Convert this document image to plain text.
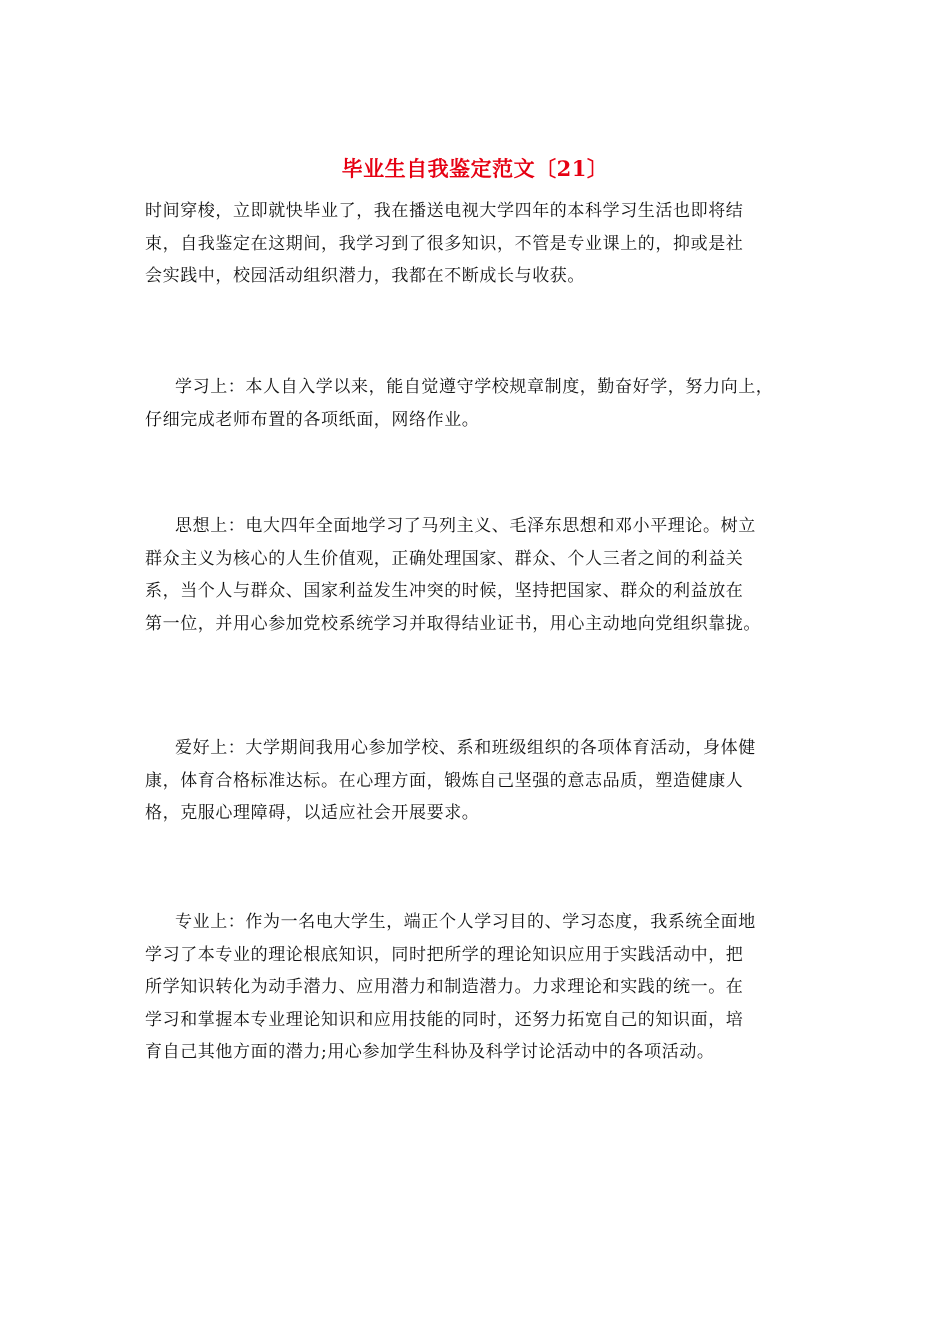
毕业生自我鉴定范文〔21〕
时间穿梭，立即就快毕业了，我在播送电视大学四年的本科学习生活也即将结
束，自我鉴定在这期间，我学习到了很多知识，不管是专业课上的，抑或是社
会实践中，校园活动组织潜力，我都在不断成长与收获。
学习上：本人自入学以来，能自觉遵守学校规章制度，勤奋好学，努力向上，
仔细完成老师布置的各项纸面，网络作业。
思想上：电大四年全面地学习了马列主义、毛泽东思想和邓小平理论。树立
群众主义为核心的人生价值观，正确处理国家、群众、个人三者之间的利益关
系，当个人与群众、国家利益发生冲突的时候，坚持把国家、群众的利益放在
第一位，并用心参加党校系统学习并取得结业证书，用心主动地向党组织靠拢。
爱好上：大学期间我用心参加学校、系和班级组织的各项体育活动，身体健
康，体育合格标准达标。在心理方面，锻炼自己坚强的意志品质，塑造健康人
格，克服心理障碍，以适应社会开展要求。
专业上：作为一名电大学生，端正个人学习目的、学习态度，我系统全面地
学习了本专业的理论根底知识，同时把所学的理论知识应用于实践活动中，把
所学知识转化为动手潜力、应用潜力和制造潜力。力求理论和实践的统一。在
学习和掌握本专业理论知识和应用技能的同时，还努力拓宽自己的知识面，培
育自己其他方面的潜力;用心参加学生科协及科学讨论活动中的各项活动。
